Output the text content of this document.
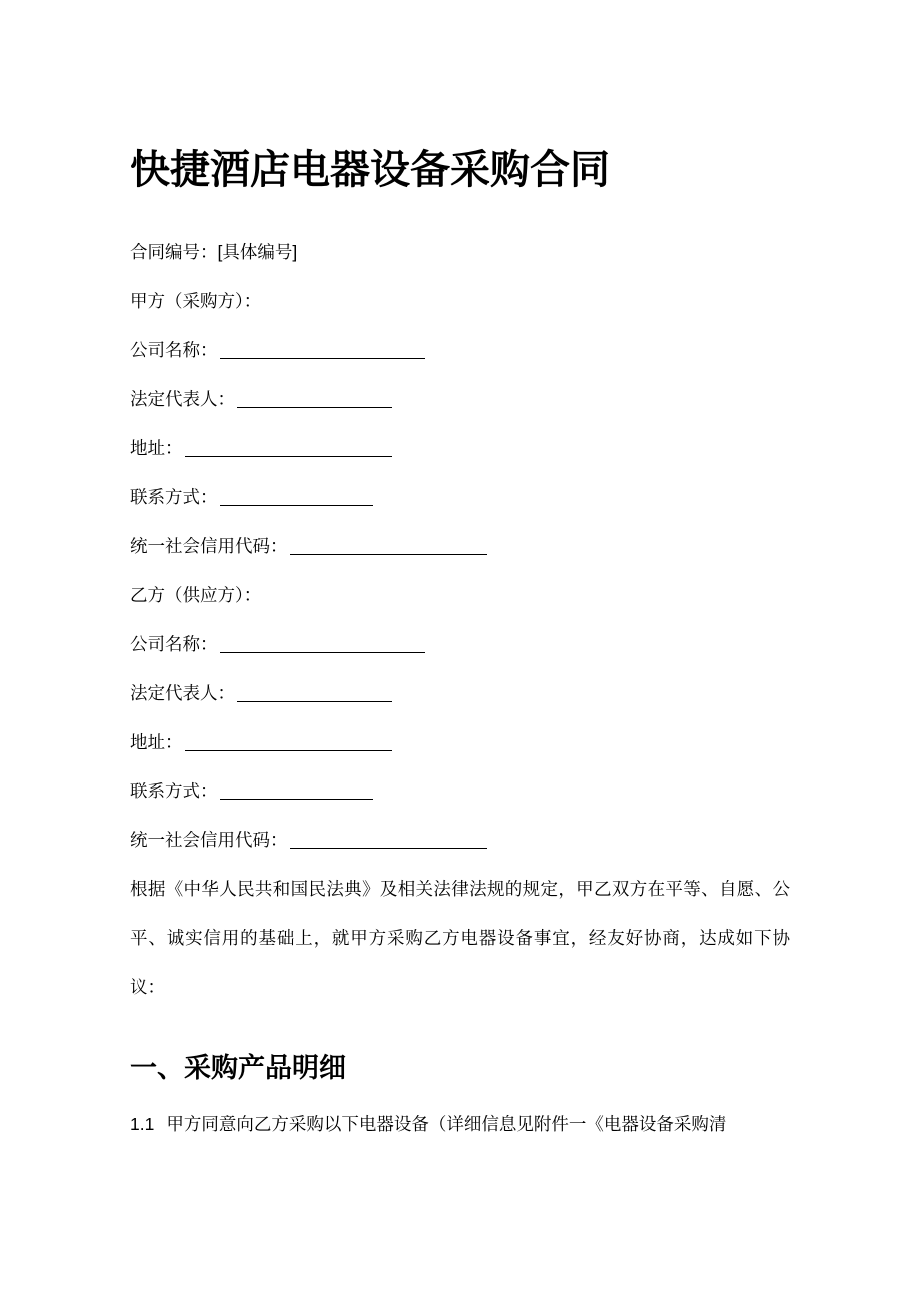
快捷酒店电器设备采购合同
合同编号：[具体编号]
甲方（采购方）：
公司名称：
法定代表人：
地址：
联系方式：
统一社会信用代码：
乙方（供应方）：
公司名称：
法定代表人：
地址：
联系方式：
统一社会信用代码：

根据《中华人民共和国民法典》及相关法律法规的规定，甲乙双方在平等、自愿、公平、诚实信用的基础上，就甲方采购乙方电器设备事宜，经友好协商，达成如下协议：

一、采购产品明细

1.1 甲方同意向乙方采购以下电器设备（详细信息见附件一《电器设备采购清
